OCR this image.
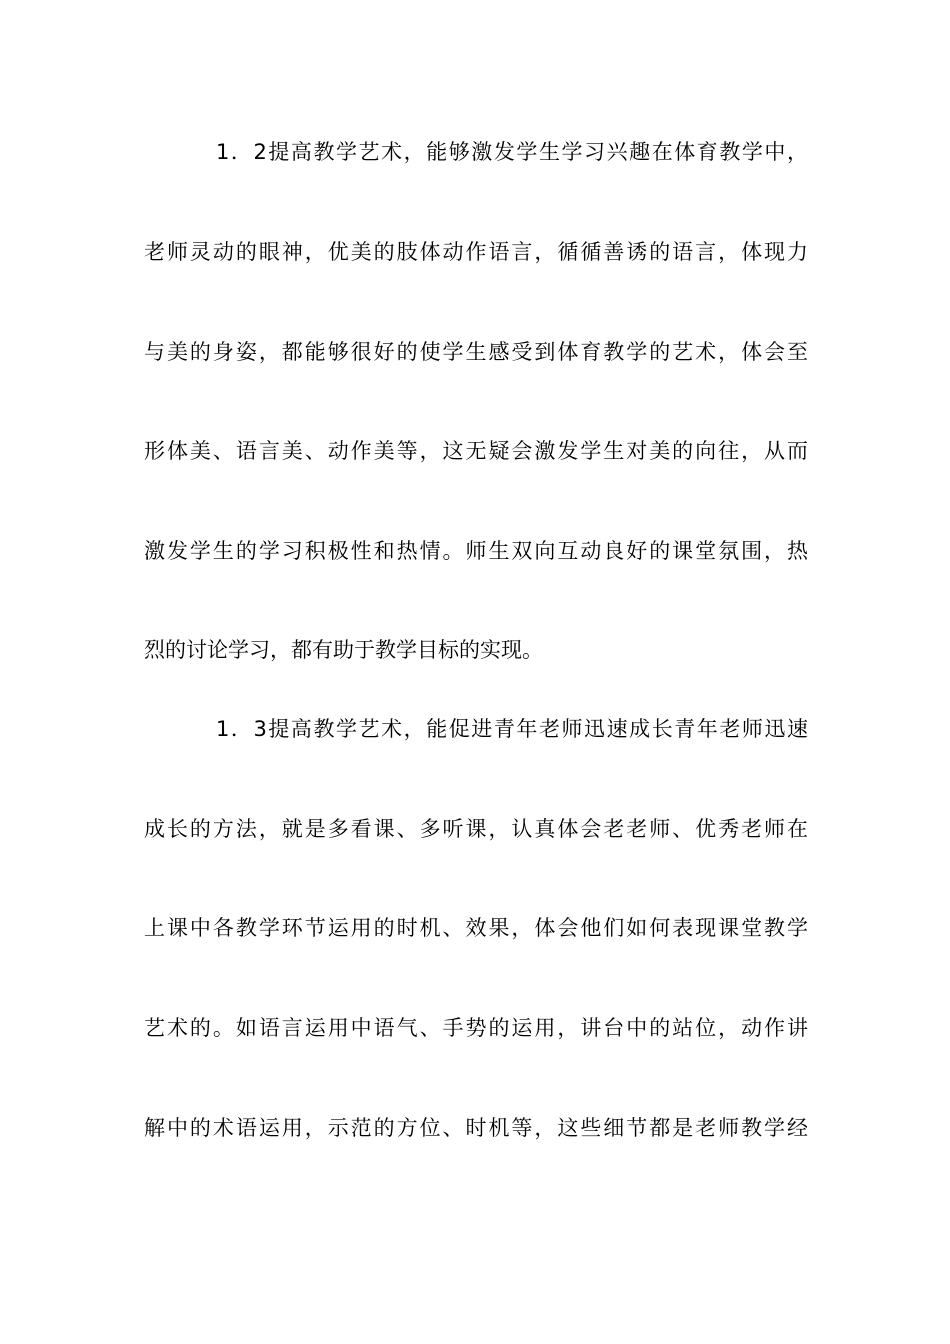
1．2提高教学艺术，能够激发学生学习兴趣在体育教学中，
老师灵动的眼神，优美的肢体动作语言，循循善诱的语言，体现力
与美的身姿，都能够很好的使学生感受到体育教学的艺术，体会至
形体美、语言美、动作美等，这无疑会激发学生对美的向往，从而
激发学生的学习积极性和热情。师生双向互动良好的课堂氛围，热
烈的讨论学习，都有助于教学目标的实现。
1．3提高教学艺术，能促进青年老师迅速成长青年老师迅速
成长的方法，就是多看课、多听课，认真体会老老师、优秀老师在
上课中各教学环节运用的时机、效果，体会他们如何表现课堂教学
艺术的。如语言运用中语气、手势的运用，讲台中的站位，动作讲
解中的术语运用，示范的方位、时机等，这些细节都是老师教学经
